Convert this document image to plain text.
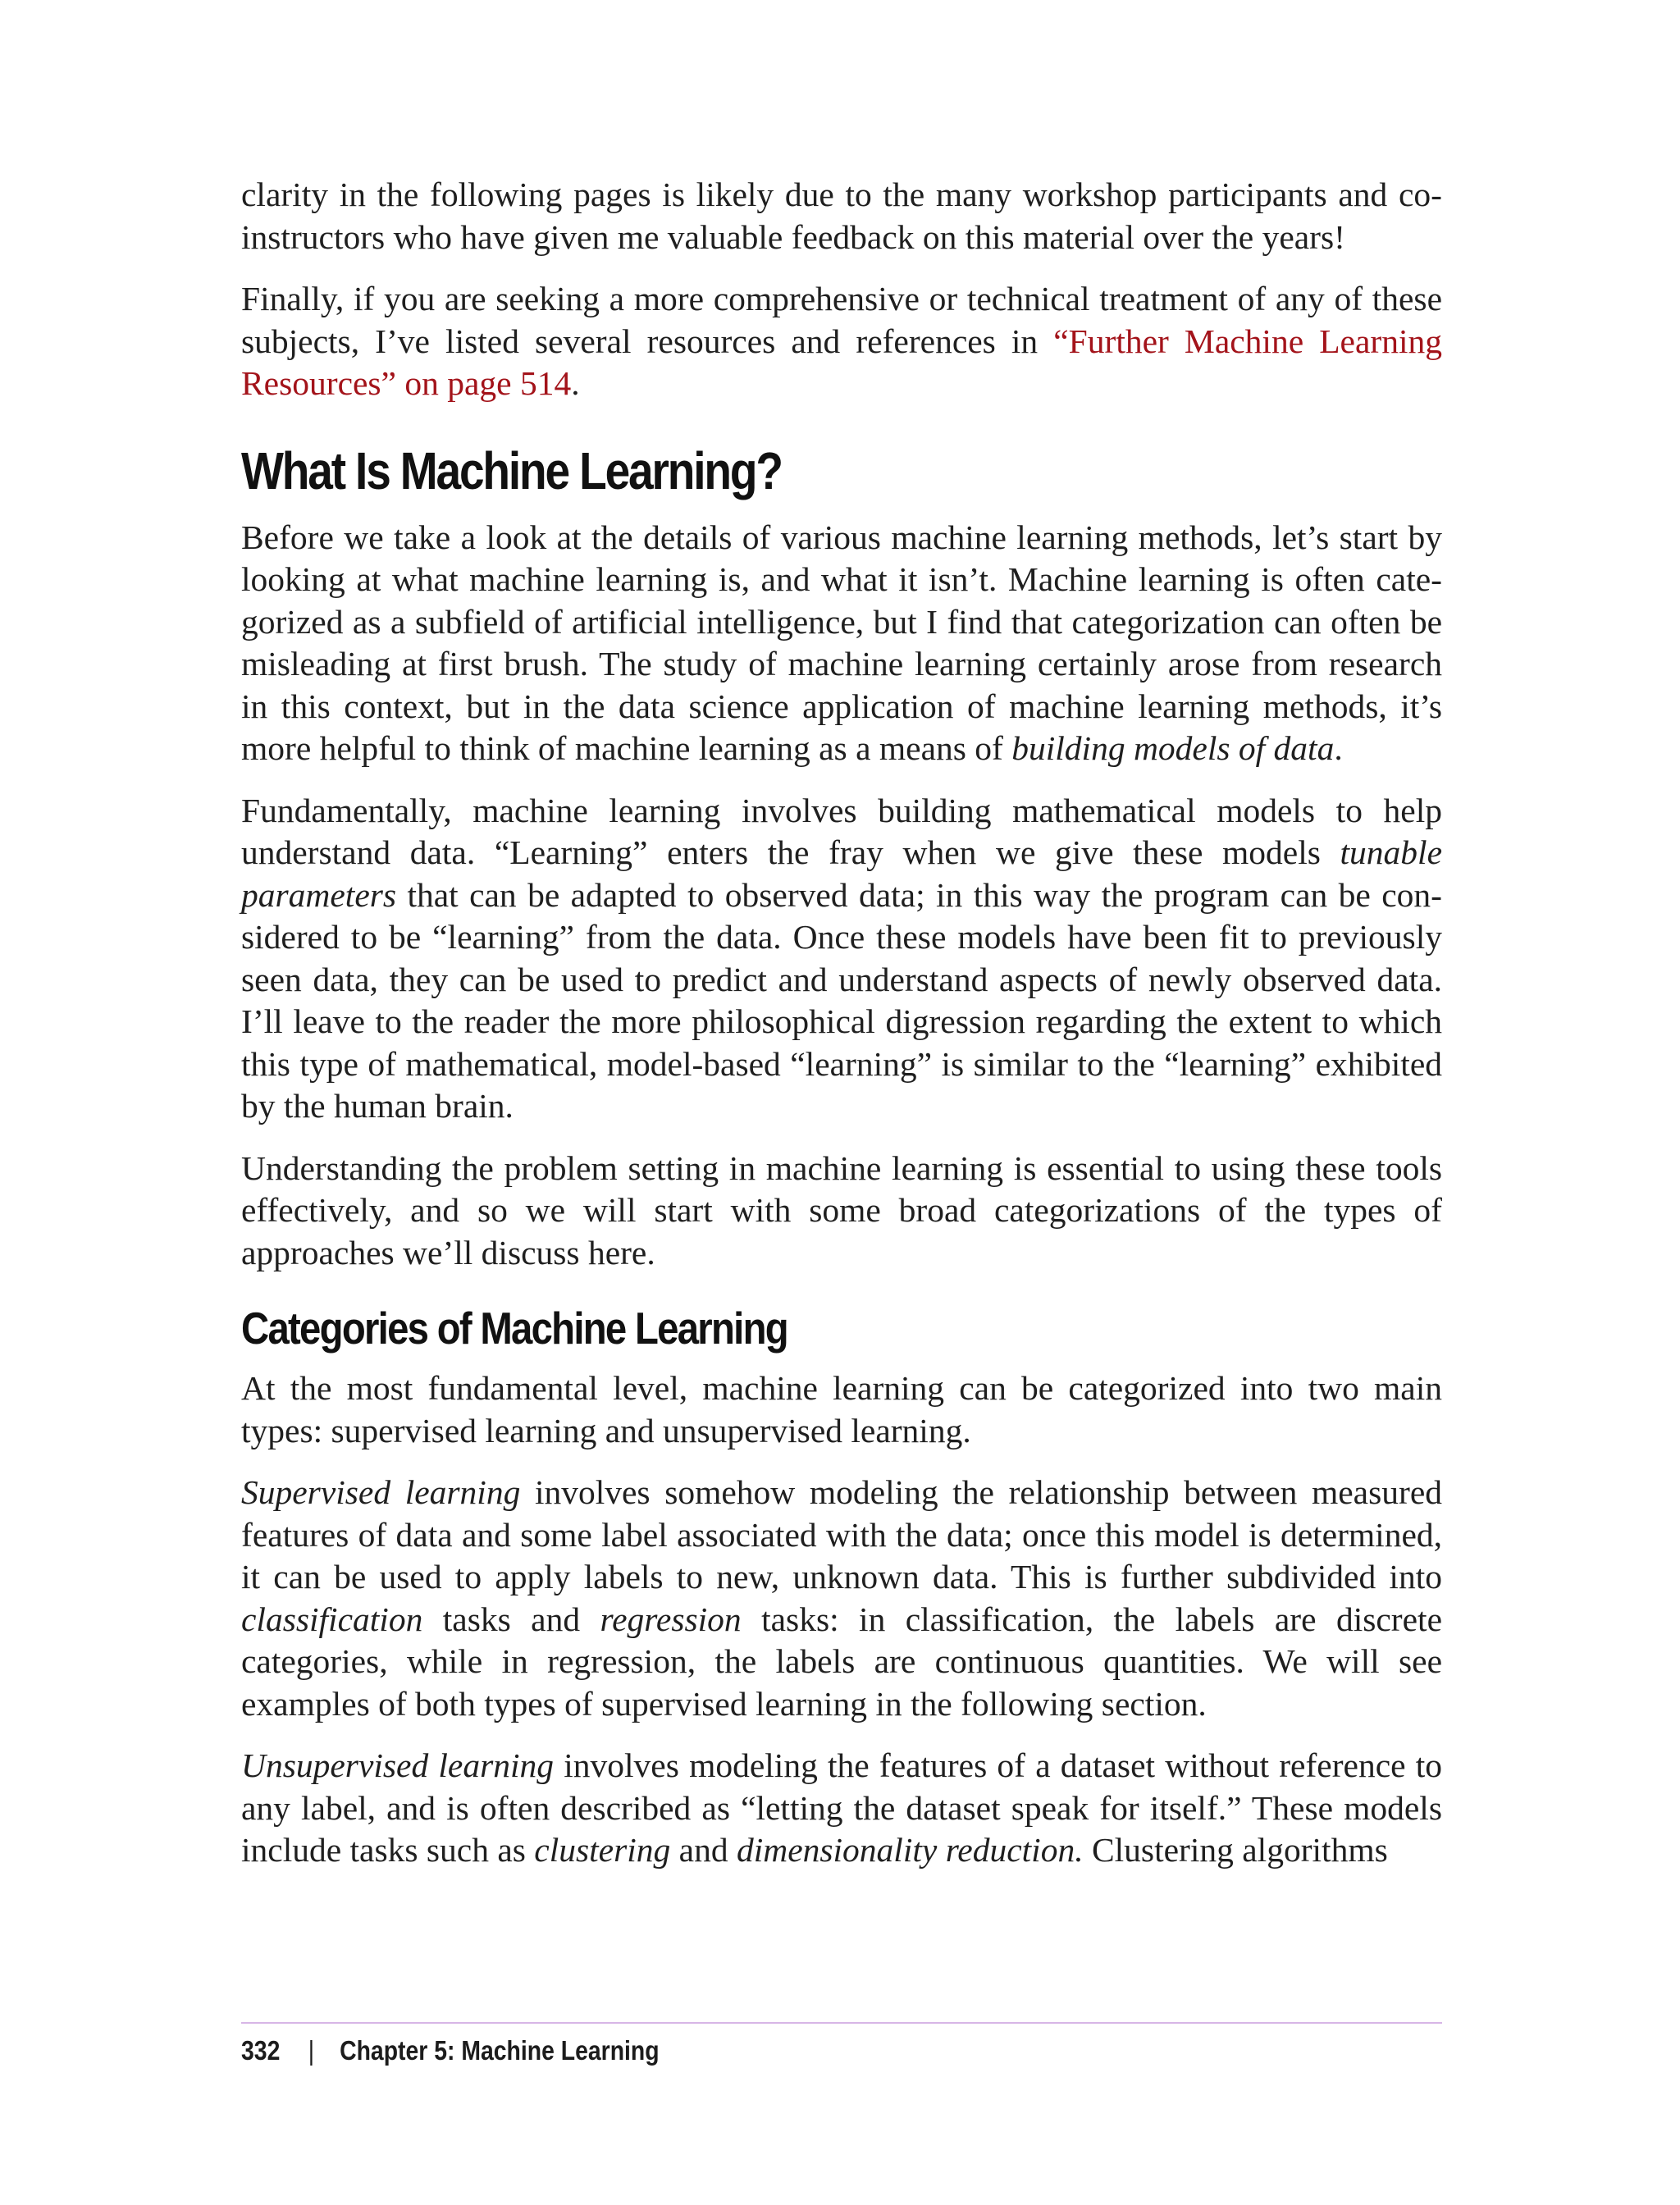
clarity in the following pages is likely due to the many workshop participants and coinstructors who have given me valuable feedback on this material over the years!

Finally, if you are seeking a more comprehensive or technical treatment of any of these subjects, I’ve listed several resources and references in “Further Machine Learning Resources” on page 514.

What Is Machine Learning?

Before we take a look at the details of various machine learning methods, let’s start by looking at what machine learning is, and what it isn’t. Machine learning is often categorized as a subfield of artificial intelligence, but I find that categorization can often be misleading at first brush. The study of machine learning certainly arose from research in this context, but in the data science application of machine learning methods, it’s more helpful to think of machine learning as a means of building models of data.

Fundamentally, machine learning involves building mathematical models to help understand data. “Learning” enters the fray when we give these models tunable parameters that can be adapted to observed data; in this way the program can be considered to be “learning” from the data. Once these models have been fit to previously seen data, they can be used to predict and understand aspects of newly observed data. I’ll leave to the reader the more philosophical digression regarding the extent to which this type of mathematical, model-based “learning” is similar to the “learning” exhibited by the human brain.

Understanding the problem setting in machine learning is essential to using these tools effectively, and so we will start with some broad categorizations of the types of approaches we’ll discuss here.

Categories of Machine Learning

At the most fundamental level, machine learning can be categorized into two main types: supervised learning and unsupervised learning.

Supervised learning involves somehow modeling the relationship between measured features of data and some label associated with the data; once this model is determined, it can be used to apply labels to new, unknown data. This is further subdivided into classification tasks and regression tasks: in classification, the labels are discrete categories, while in regression, the labels are continuous quantities. We will see examples of both types of supervised learning in the following section.

Unsupervised learning involves modeling the features of a dataset without reference to any label, and is often described as “letting the dataset speak for itself.” These models include tasks such as clustering and dimensionality reduction. Clustering algorithms

332 | Chapter 5: Machine Learning
